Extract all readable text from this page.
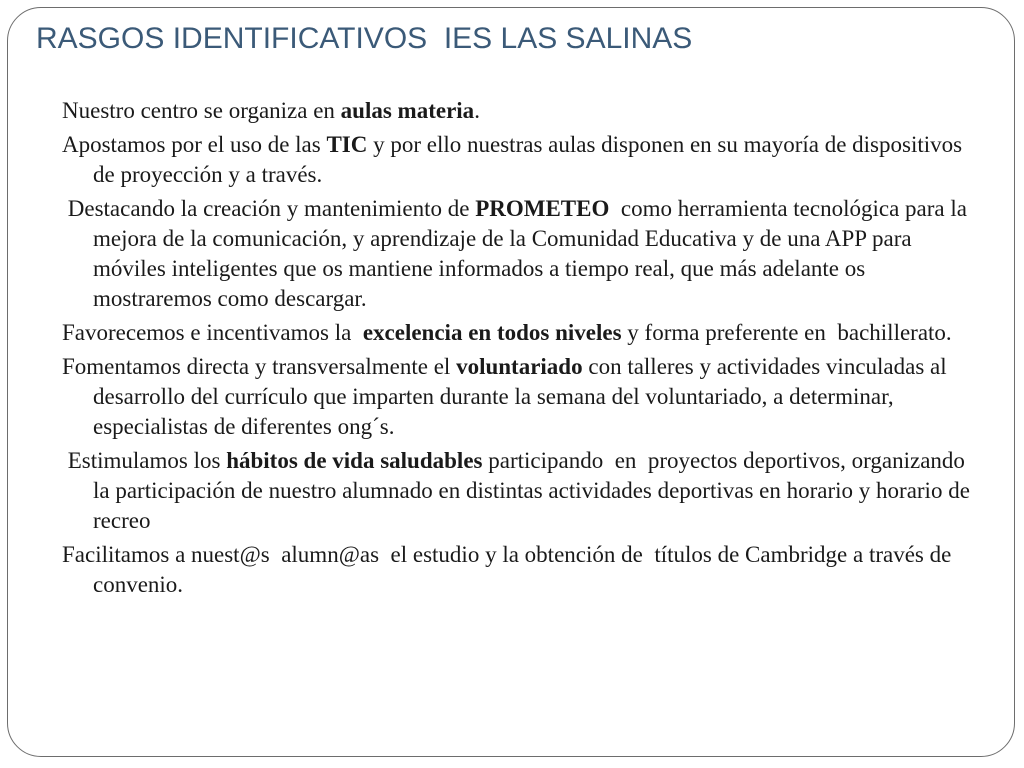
RASGOS IDENTIFICATIVOS  IES LAS SALINAS

Nuestro centro se organiza en aulas materia.

Apostamos por el uso de las TIC y por ello nuestras aulas disponen en su mayoría de dispositivos de proyección y a través.

Destacando la creación y mantenimiento de PROMETEO  como herramienta tecnológica para la mejora de la comunicación, y aprendizaje de la Comunidad Educativa y de una APP para móviles inteligentes que os mantiene informados a tiempo real, que más adelante os mostraremos como descargar.

Favorecemos e incentivamos la  excelencia en todos niveles y forma preferente en  bachillerato.

Fomentamos directa y transversalmente el voluntariado con talleres y actividades vinculadas al desarrollo del currículo que imparten durante la semana del voluntariado, a determinar, especialistas de diferentes ong´s.

Estimulamos los hábitos de vida saludables participando  en  proyectos deportivos, organizando la participación de nuestro alumnado en distintas actividades deportivas en horario y horario de recreo

Facilitamos a nuest@s  alumn@as  el estudio y la obtención de  títulos de Cambridge a través de convenio.
